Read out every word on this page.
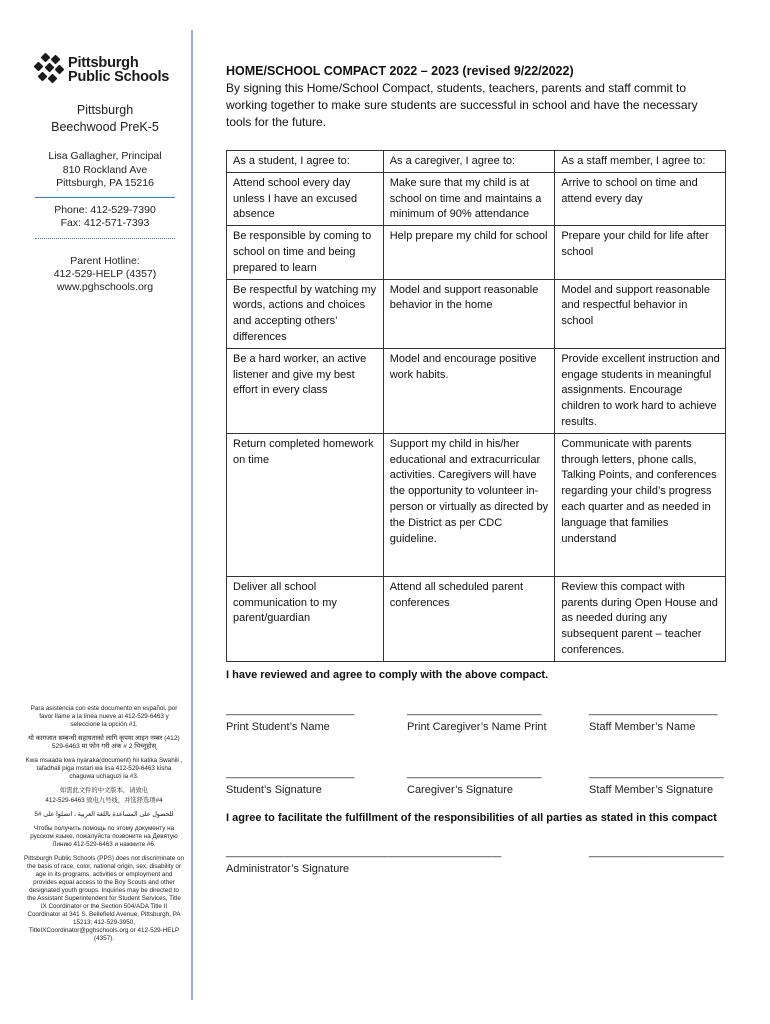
Pittsburgh
Public Schools
Pittsburgh
Beechwood PreK-5
Lisa Gallagher, Principal
810 Rockland Ave
Pittsburgh, PA 15216
Phone: 412-529-7390
Fax: 412-571-7393
Parent Hotline:
412-529-HELP (4357)
www.pghschools.org

Para asistencia con este documento en español, por favor llame a la línea nueve al 412-529-6463 y seleccione la opción #1.

यो कागजात सम्बन्धी सहायताको लागि कृपया लाइन नम्बर (412) 529-6463 मा फोन गरी अंक # 2 थिच्नुहोस्

Kwa msaada kwa nyaraka(document) hii katika Swahili , tafadhali piga mstari wa lisa 412-529-6463 kisha chaguwa uchaguzi la #3.

如需此文件的中文版本，请致电

412-529-6463 致电九号线，并选择选项#4

للحصول على المساعدة باللغة العربية ، اتصلوا على #5

Чтобы получить помощь по этому документу на русском языке, пожалуйста позвоните на Девятую Линию 412-529-6463 и нажмите #6.

Pittsburgh Public Schools (PPS) does not discriminate on the basis of race, color, national origin, sex, disability or age in its programs, activities or employment and provides equal access to the Boy Scouts and other designated youth groups. Inquiries may be directed to the Assistant Superintendent for Student Services, Title IX Coordinator or the Section 504/ADA Title II Coordinator at 341 S. Bellefield Avenue, Pittsburgh, PA 15213; 412-529-3950, TitleIXCoordinator@pghschools.org or 412-529-HELP (4357).

HOME/SCHOOL COMPACT 2022 – 2023 (revised 9/22/2022)
By signing this Home/School Compact, students, teachers, parents and staff commit to working together to make sure students are successful in school and have the necessary tools for the future.
As a student, I agree to:	As a caregiver, I agree to:	As a staff member, I agree to:
Attend school every day unless I have an excused absence	Make sure that my child is at school on time and maintains a minimum of 90% attendance	Arrive to school on time and attend every day
Be responsible by coming to school on time and being prepared to learn	Help prepare my child for school	Prepare your child for life after school
Be respectful by watching my words, actions and choices and accepting others’ differences	Model and support reasonable behavior in the home	Model and support reasonable and respectful behavior in school
Be a hard worker, an active listener and give my best effort in every class	Model and encourage positive work habits.	Provide excellent instruction and engage students in meaningful assignments. Encourage children to work hard to achieve results.
Return completed homework on time	Support my child in his/her educational and extracurricular activities. Caregivers will have the opportunity to volunteer in-person or virtually as directed by the District as per CDC guideline.	Communicate with parents through letters, phone calls, Talking Points, and conferences regarding your child’s progress each quarter and as needed in language that families understand
Deliver all school communication to my parent/guardian	Attend all scheduled parent conferences	Review this compact with parents during Open House and as needed during any subsequent parent – teacher conferences.
I have reviewed and agree to comply with the above compact.
_____________________
Print Student’s Name
______________________
Print Caregiver’s Name Print
_____________________
Staff Member’s Name
_____________________
Student’s Signature
______________________
Caregiver’s Signature
______________________
Staff Member’s Signature
I agree to facilitate the fulfillment of the responsibilities of all parties as stated in this compact
_____________________________________________
Administrator’s Signature
______________________
